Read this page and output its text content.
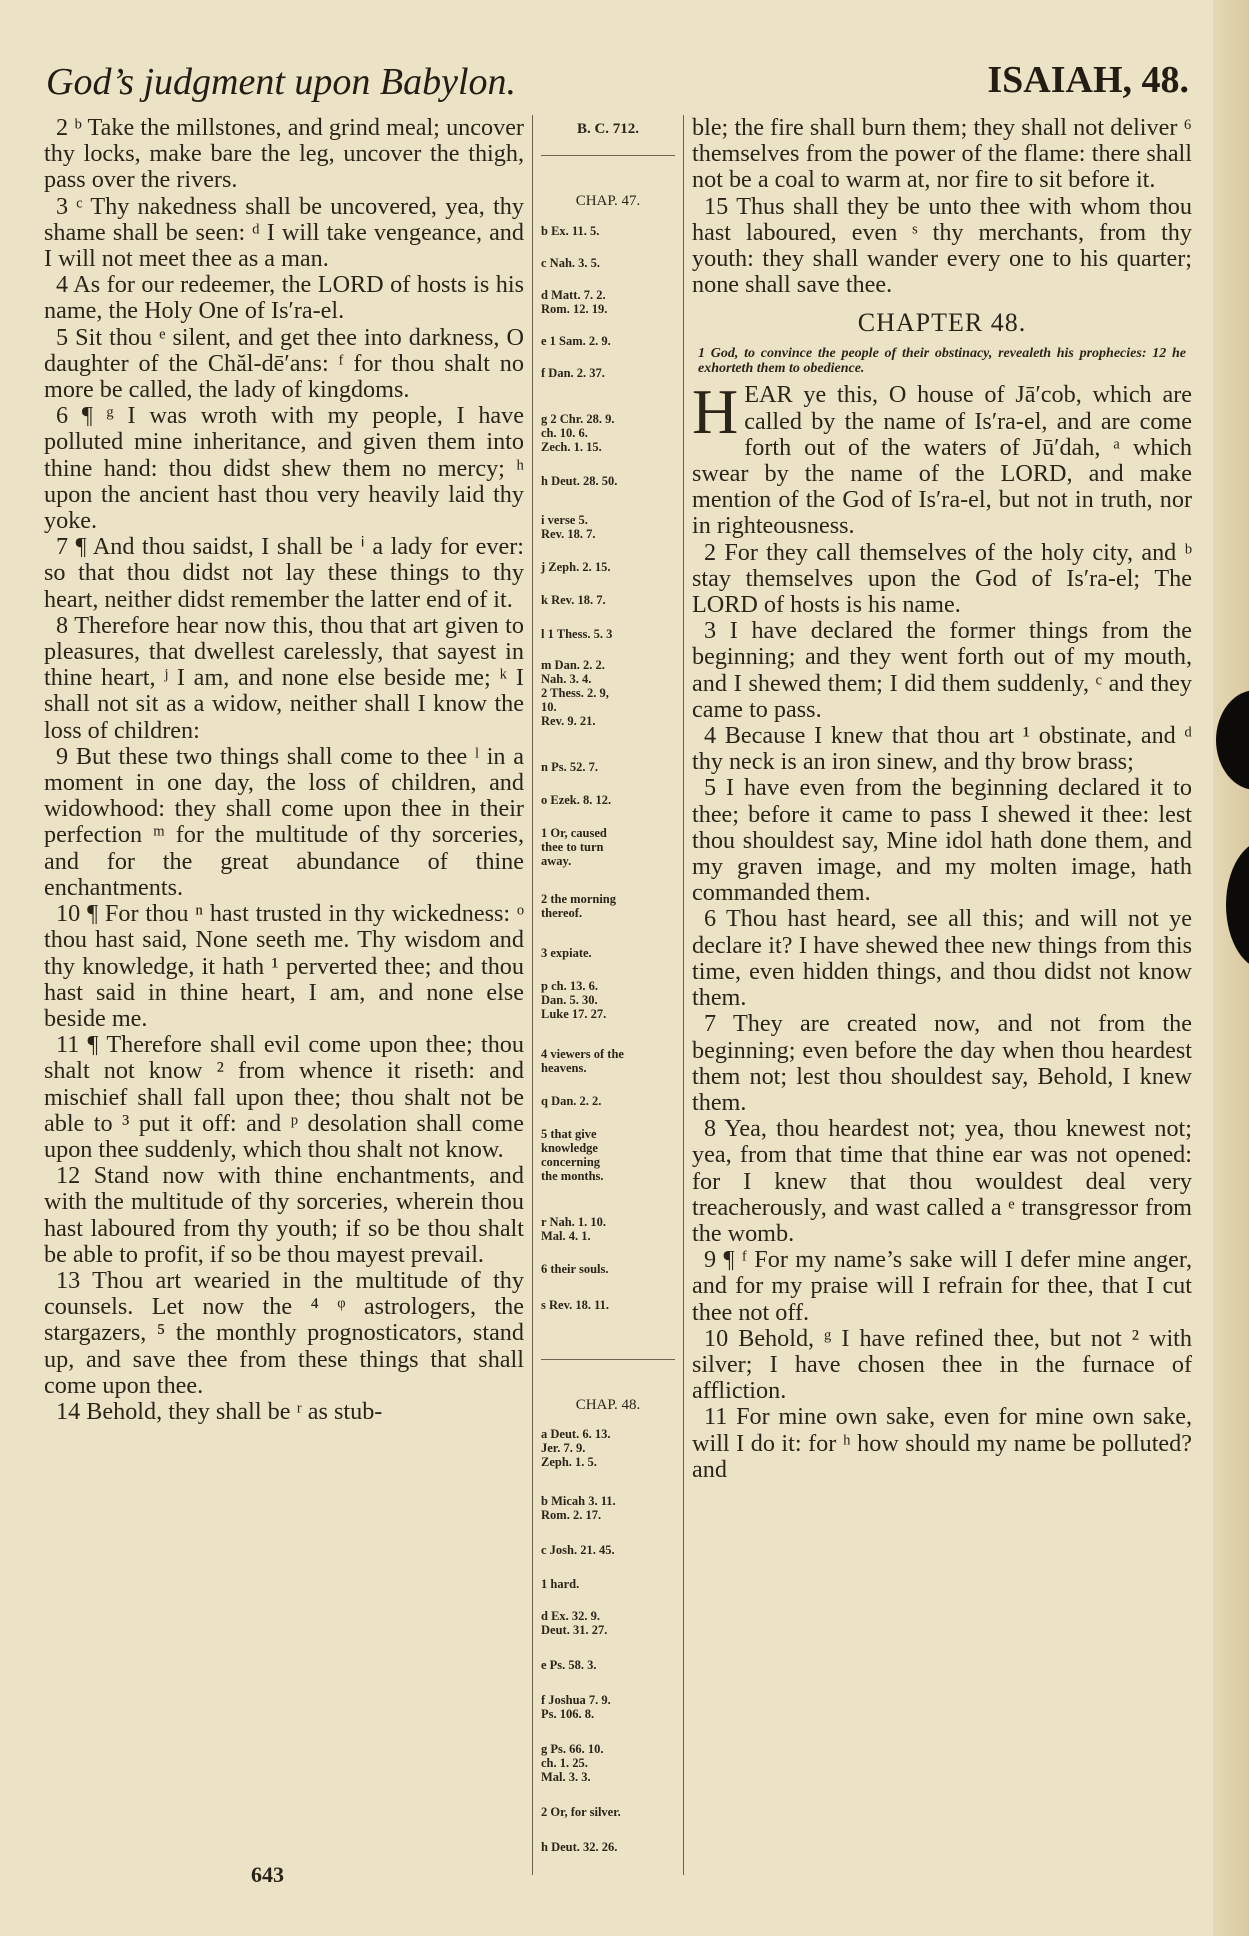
God’s judgment upon Babylon.	ISAIAH, 48.

2 ᵇ Take the millstones, and grind meal; uncover thy locks, make bare the leg, uncover the thigh, pass over the rivers.

3 ᶜ Thy nakedness shall be uncovered, yea, thy shame shall be seen: ᵈ I will take vengeance, and I will not meet thee as a man.

4 As for our redeemer, the LORD of hosts is his name, the Holy One of Is′ra-el.

5 Sit thou ᵉ silent, and get thee into darkness, O daughter of the Chăl-dē′ans: ᶠ for thou shalt no more be called, the lady of kingdoms.

6 ¶ ᵍ I was wroth with my people, I have polluted mine inheritance, and given them into thine hand: thou didst shew them no mercy; ʰ upon the ancient hast thou very heavily laid thy yoke.

7 ¶ And thou saidst, I shall be ⁱ a lady for ever: so that thou didst not lay these things to thy heart, neither didst remember the latter end of it.

8 Therefore hear now this, thou that art given to pleasures, that dwellest carelessly, that sayest in thine heart, ʲ I am, and none else beside me; ᵏ I shall not sit as a widow, neither shall I know the loss of children:

9 But these two things shall come to thee ˡ in a moment in one day, the loss of children, and widowhood: they shall come upon thee in their perfection ᵐ for the multitude of thy sorceries, and for the great abundance of thine enchantments.

10 ¶ For thou ⁿ hast trusted in thy wickedness: ᵒ thou hast said, None seeth me. Thy wisdom and thy knowledge, it hath ¹ perverted thee; and thou hast said in thine heart, I am, and none else beside me.

11 ¶ Therefore shall evil come upon thee; thou shalt not know ² from whence it riseth: and mischief shall fall upon thee; thou shalt not be able to ³ put it off: and ᵖ desolation shall come upon thee suddenly, which thou shalt not know.

12 Stand now with thine enchantments, and with the multitude of thy sorceries, wherein thou hast laboured from thy youth; if so be thou shalt be able to profit, if so be thou mayest prevail.

13 Thou art wearied in the multitude of thy counsels. Let now the ⁴ ᵠ astrologers, the stargazers, ⁵ the monthly prognosticators, stand up, and save thee from these things that shall come upon thee.

14 Behold, they shall be ʳ as stub-

B. C. 712.
CHAP. 47.
b Ex. 11. 5.
c Nah. 3. 5.
d Matt. 7. 2.
Rom. 12. 19.
e 1 Sam. 2. 9.
f Dan. 2. 37.
g 2 Chr. 28. 9.
ch. 10. 6.
Zech. 1. 15.
h Deut. 28. 50.
i verse 5.
Rev. 18. 7.
j Zeph. 2. 15.
k Rev. 18. 7.
l 1 Thess. 5. 3
m Dan. 2. 2.
Nah. 3. 4.
2 Thess. 2. 9,
10.
Rev. 9. 21.
n Ps. 52. 7.
o Ezek. 8. 12.
1 Or, caused
thee to turn
away.
2 the morning
thereof.
3 expiate.
p ch. 13. 6.
Dan. 5. 30.
Luke 17. 27.
4 viewers of the
heavens.
q Dan. 2. 2.
5 that give
knowledge
concerning
the months.
r Nah. 1. 10.
Mal. 4. 1.
6 their souls.
s Rev. 18. 11.
CHAP. 48.
a Deut. 6. 13.
Jer. 7. 9.
Zeph. 1. 5.
b Micah 3. 11.
Rom. 2. 17.
c Josh. 21. 45.
1 hard.
d Ex. 32. 9.
Deut. 31. 27.
e Ps. 58. 3.
f Joshua 7. 9.
Ps. 106. 8.
g Ps. 66. 10.
ch. 1. 25.
Mal. 3. 3.
2 Or, for silver.
h Deut. 32. 26.

ble; the fire shall burn them; they shall not deliver ⁶ themselves from the power of the flame: there shall not be a coal to warm at, nor fire to sit before it.

15 Thus shall they be unto thee with whom thou hast laboured, even ˢ thy merchants, from thy youth: they shall wander every one to his quarter; none shall save thee.

CHAPTER 48.

1 God, to convince the people of their obstinacy, revealeth his prophecies: 12 he exhorteth them to obedience.

H EAR ye this, O house of Jā′cob, which are called by the name of Is′ra-el, and are come forth out of the waters of Jū′dah, ᵃ which swear by the name of the LORD, and make mention of the God of Is′ra-el, but not in truth, nor in righteousness.

2 For they call themselves of the holy city, and ᵇ stay themselves upon the God of Is′ra-el; The LORD of hosts is his name.

3 I have declared the former things from the beginning; and they went forth out of my mouth, and I shewed them; I did them suddenly, ᶜ and they came to pass.

4 Because I knew that thou art ¹ obstinate, and ᵈ thy neck is an iron sinew, and thy brow brass;

5 I have even from the beginning declared it to thee; before it came to pass I shewed it thee: lest thou shouldest say, Mine idol hath done them, and my graven image, and my molten image, hath commanded them.

6 Thou hast heard, see all this; and will not ye declare it? I have shewed thee new things from this time, even hidden things, and thou didst not know them.

7 They are created now, and not from the beginning; even before the day when thou heardest them not; lest thou shouldest say, Behold, I knew them.

8 Yea, thou heardest not; yea, thou knewest not; yea, from that time that thine ear was not opened: for I knew that thou wouldest deal very treacherously, and wast called a ᵉ transgressor from the womb.

9 ¶ ᶠ For my name’s sake will I defer mine anger, and for my praise will I refrain for thee, that I cut thee not off.

10 Behold, ᵍ I have refined thee, but not ² with silver; I have chosen thee in the furnace of affliction.

11 For mine own sake, even for mine own sake, will I do it: for ʰ how should my name be polluted? and

643
